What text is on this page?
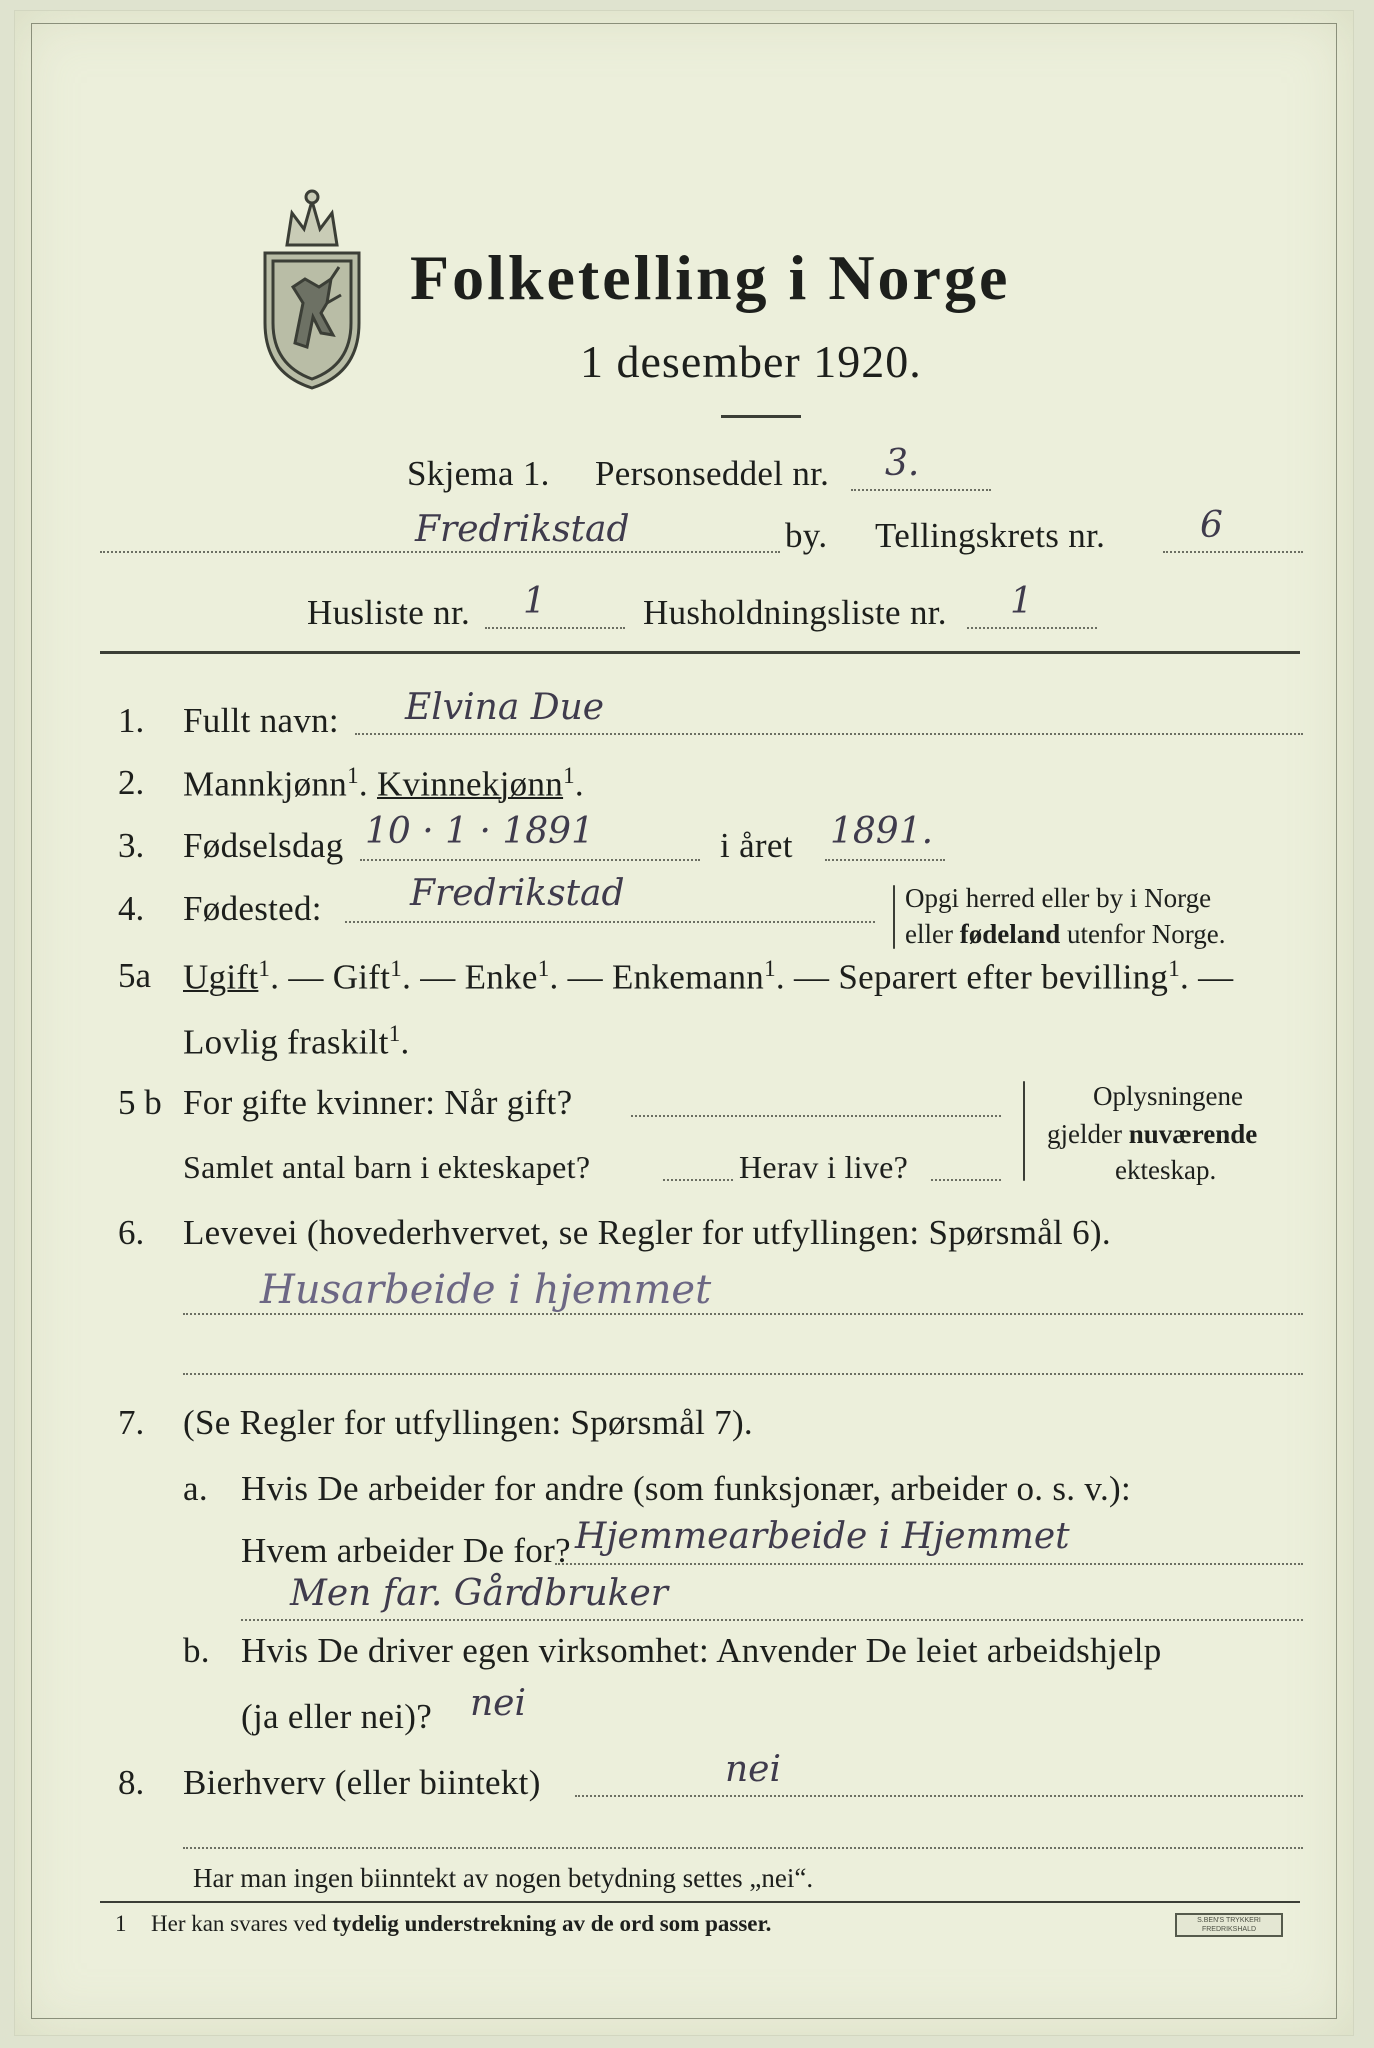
Folketelling i Norge
1 desember 1920.
Skjema 1. Personseddel nr. 3.
Fredrikstad	by. Tellingskrets nr.	6
Husliste nr. 1	Husholdningsliste nr. 1
1. Fullt navn: Elvina Due
2. Mannkjønn$^1$. Kvinnekjønn$^1$.
3. Fødselsdag 10 · 1 · 1891	i året 1891.
4. Fødested: Fredrikstad	Opgi herred eller by i Norge
eller fødeland utenfor Norge.
5a Ugift$^1$. — Gift$^1$. — Enke$^1$. — Enkemann$^1$. — Separert efter bevilling$^1$. —
Lovlig fraskilt$^1$.
5 b For gifte kvinner: Når gift?
Samlet antal barn i ekteskapet?	Herav i live?
Oplysningene
gjelder nuværende
ekteskap.
6. Levevei (hovederhvervet, se Regler for utfyllingen: Spørsmål 6).
Husarbeide i hjemmet
7. (Se Regler for utfyllingen: Spørsmål 7).
a. Hvis De arbeider for andre (som funksjonær, arbeider o. s. v.):
Hvem arbeider De for? Hjemmearbeide i Hjemmet
Men far. Gårdbruker
b. Hvis De driver egen virksomhet: Anvender De leiet arbeidshjelp
(ja eller nei)? nei
8. Bierhverv (eller biintekt)	nei
Har man ingen biinntekt av nogen betydning settes „nei“.
1 Her kan svares ved tydelig understrekning av de ord som passer.	S.BEN'S TRYKKERI
FREDRIKSHALD
